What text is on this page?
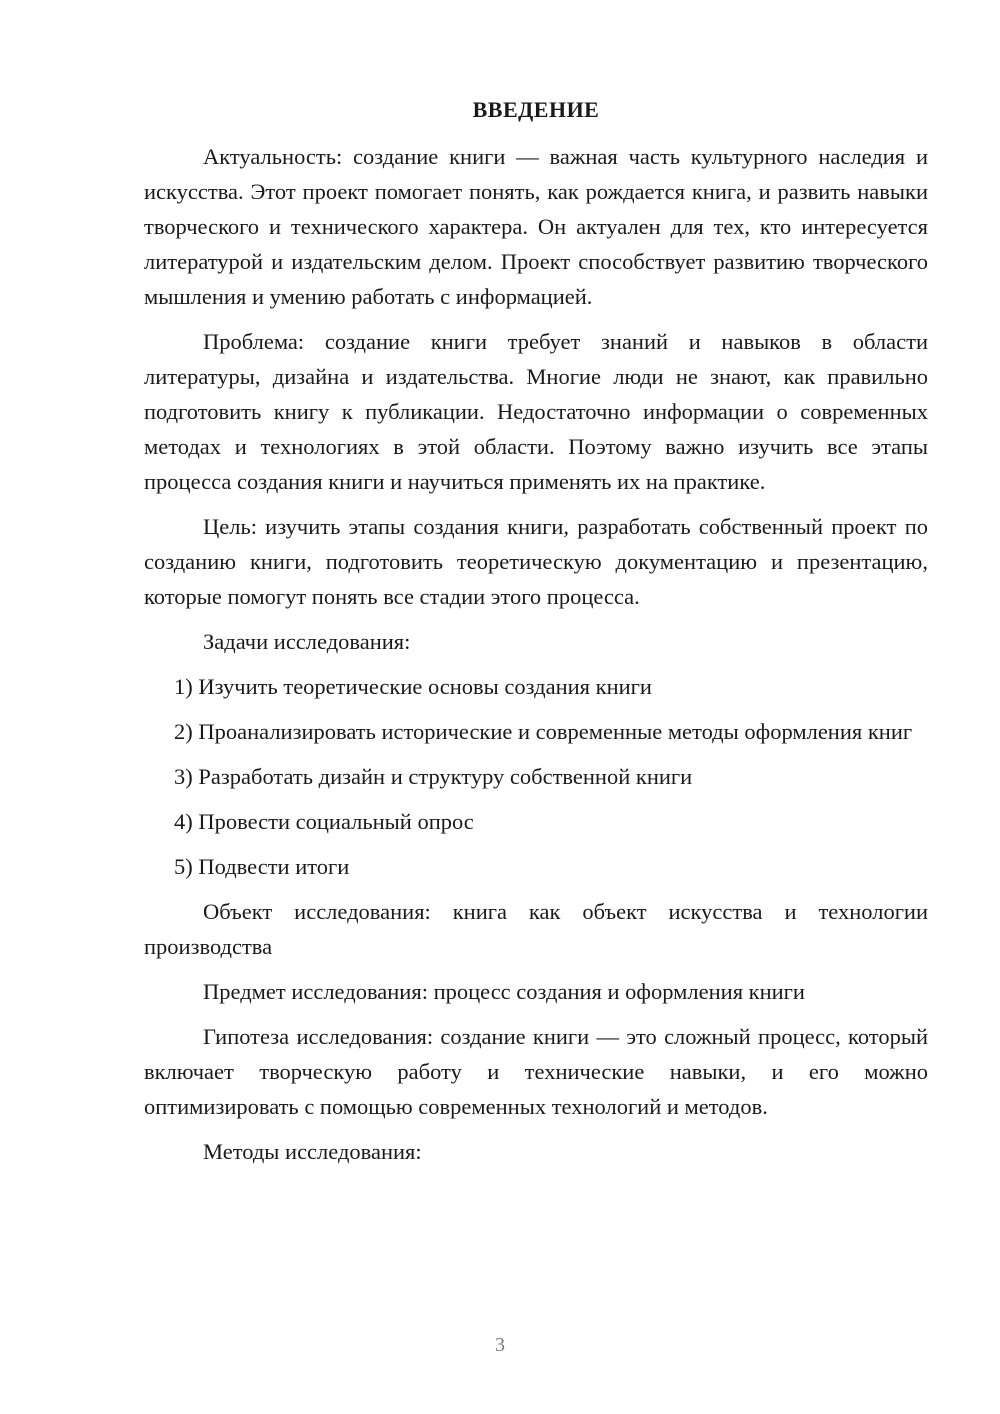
ВВЕДЕНИЕ
Актуальность: создание книги — важная часть культурного наследия и искусства. Этот проект помогает понять, как рождается книга, и развить навыки творческого и технического характера. Он актуален для тех, кто интересуется литературой и издательским делом. Проект способствует развитию творческого мышления и умению работать с информацией.
Проблема: создание книги требует знаний и навыков в области литературы, дизайна и издательства. Многие люди не знают, как правильно подготовить книгу к публикации. Недостаточно информации о современных методах и технологиях в этой области. Поэтому важно изучить все этапы процесса создания книги и научиться применять их на практике.
Цель: изучить этапы создания книги, разработать собственный проект по созданию книги, подготовить теоретическую документацию и презентацию, которые помогут понять все стадии этого процесса.
Задачи исследования:
1) Изучить теоретические основы создания книги
2) Проанализировать исторические и современные методы оформления книг
3) Разработать дизайн и структуру собственной книги
4) Провести социальный опрос
5) Подвести итоги
Объект исследования: книга как объект искусства и технологии производства
Предмет исследования: процесс создания и оформления книги
Гипотеза исследования: создание книги — это сложный процесс, который включает творческую работу и технические навыки, и его можно оптимизировать с помощью современных технологий и методов.
Методы исследования:
3
